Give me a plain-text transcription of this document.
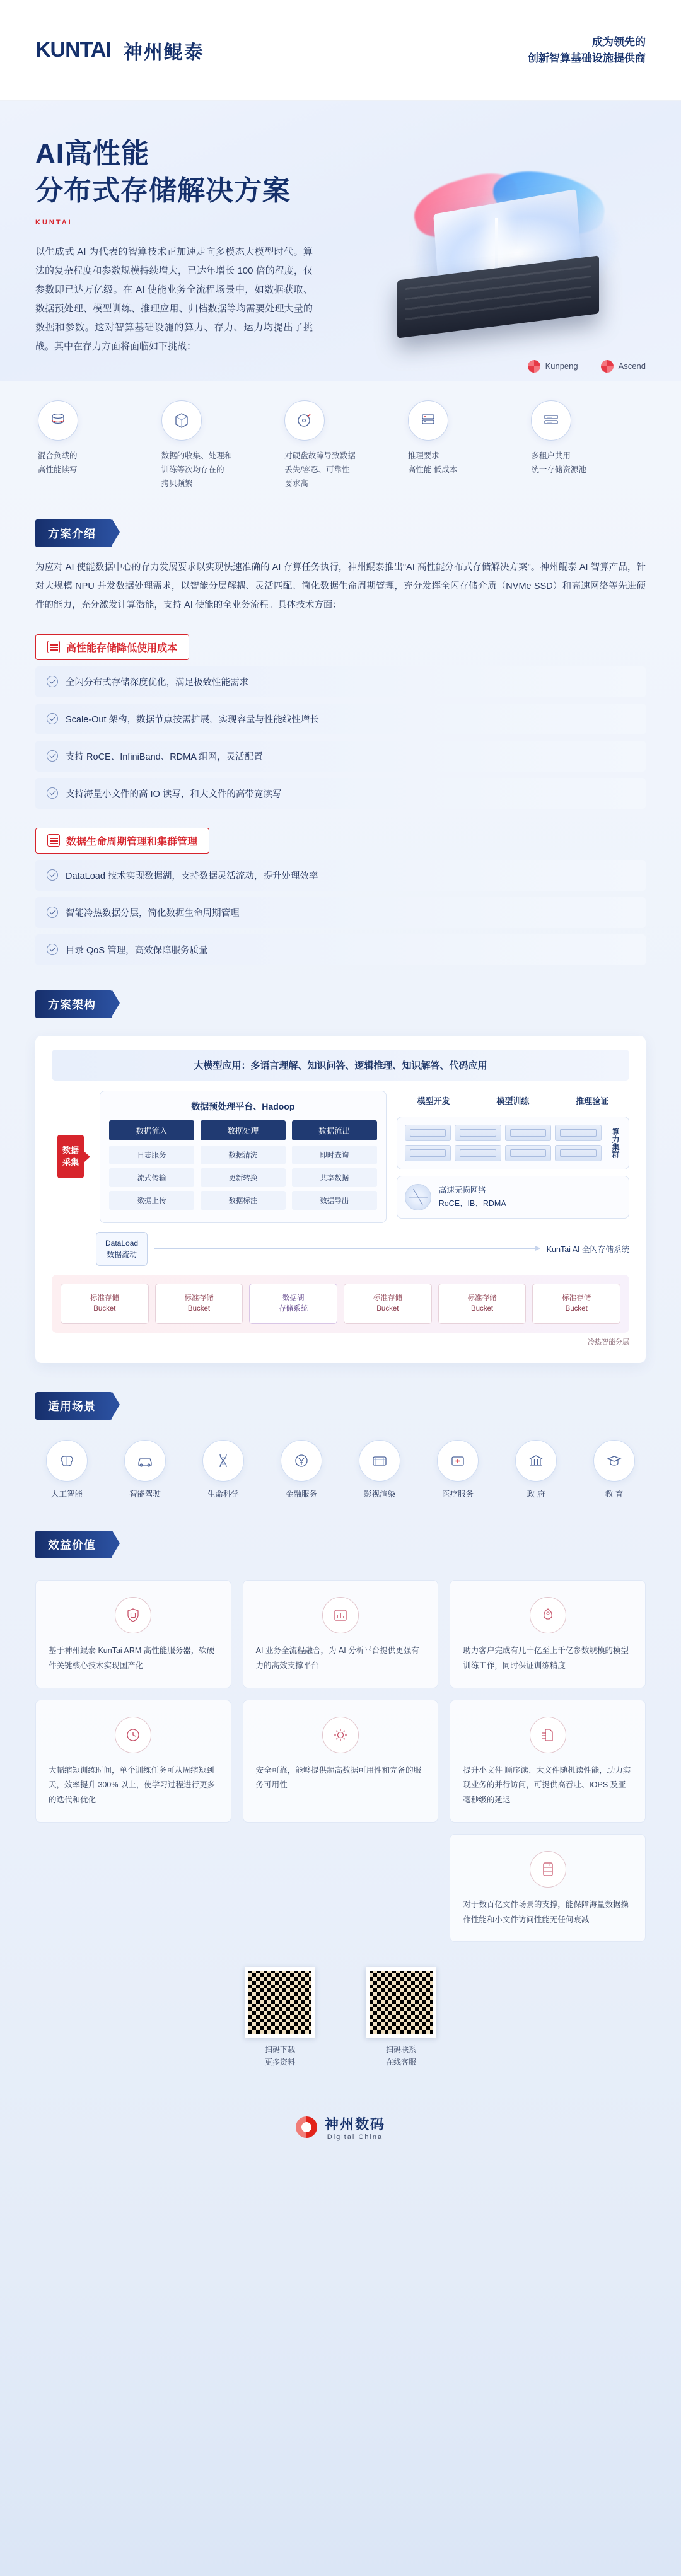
KUNTAI 神州鲲泰	成为领先的
创新智算基础设施提供商
AI高性能
分布式存储解决方案
KUNTAI
以生成式 AI 为代表的智算技术正加速走向多模态大模型时代。算法的复杂程度和参数规模持续增大，已达年增长 100 倍的程度，仅参数即已达万亿级。在 AI 使能业务全流程场景中，如数据获取、数据预处理、模型训练、推理应用、归档数据等均需要处理大量的数据和参数。这对智算基础设施的算力、存力、运力均提出了挑战。其中在存力方面将面临如下挑战：
Kunpeng	Ascend
混合负载的
高性能读写
数据的收集、处理和
训练等次均存在的
拷贝频繁
对硬盘故障导致数据
丢失/容忍、可靠性
要求高
推理要求
高性能 低成本
多租户共用
统一存储资源池
方案介绍
为应对 AI 使能数据中心的存力发展要求以实现快速准确的 AI 存算任务执行，神州鲲泰推出"AI 高性能分布式存储解决方案"。神州鲲泰 AI 智算产品，针对大规模 NPU 并发数据处理需求，以智能分层解耦、灵活匹配、简化数据生命周期管理，充分发挥全闪存储介质（NVMe SSD）和高速网络等先进硬件的能力，充分激发计算潜能，支持 AI 使能的全业务流程。具体技术方面：
高性能存储降低使用成本
全闪分布式存储深度优化，满足极致性能需求
Scale-Out 架构，数据节点按需扩展，实现容量与性能线性增长
支持 RoCE、InfiniBand、RDMA 组网，灵活配置
支持海量小文件的高 IO 读写，和大文件的高带宽读写
数据生命周期管理和集群管理
DataLoad 技术实现数据湖，支持数据灵活流动，提升处理效率
智能冷热数据分层，简化数据生命周期管理
目录 QoS 管理，高效保障服务质量
方案架构
大模型应用：多语言理解、知识问答、逻辑推理、知识解答、代码应用
数据
采集
数据预处理平台、Hadoop
数据流入
日志服务
流式传输
数据上传
数据处理
数据清洗
更新转换
数据标注
数据流出
即时查询
共享数据
数据导出
模型开发	模型训练	推理验证
算力集群
高速无损网络
RoCE、IB、RDMA
DataLoad
数据流动
KunTai AI 全闪存储系统
标准存储
Bucket
标准存储
Bucket
数据湖
存储系统
标准存储
Bucket
标准存储
Bucket
标准存储
Bucket
冷热智能分层
适用场景
人工智能	智能驾驶	生命科学	金融服务	影视渲染	医疗服务	政 府	教 育
效益价值
基于神州鲲泰 KunTai ARM 高性能服务器，软硬件关键核心技术实现国产化
AI 业务全流程融合，为 AI 分析平台提供更强有力的高效支撑平台
助力客户完成有几十亿至上千亿参数规模的模型训练工作，同时保证训练精度
大幅缩短训练时间，单个训练任务可从周缩短到天，效率提升 300% 以上，使学习过程进行更多的迭代和优化
安全可靠，能够提供超高数据可用性和完备的服务可用性
提升小文件 顺序读、大文件随机读性能，助力实现业务的并行访问，可提供高吞吐、IOPS 及亚毫秒级的延迟
对于数百亿文件场景的支撑，能保障海量数据操作性能和小文件访问性能无任何衰减
扫码下载
更多资料
扫码联系
在线客服
神州数码
Digital China
